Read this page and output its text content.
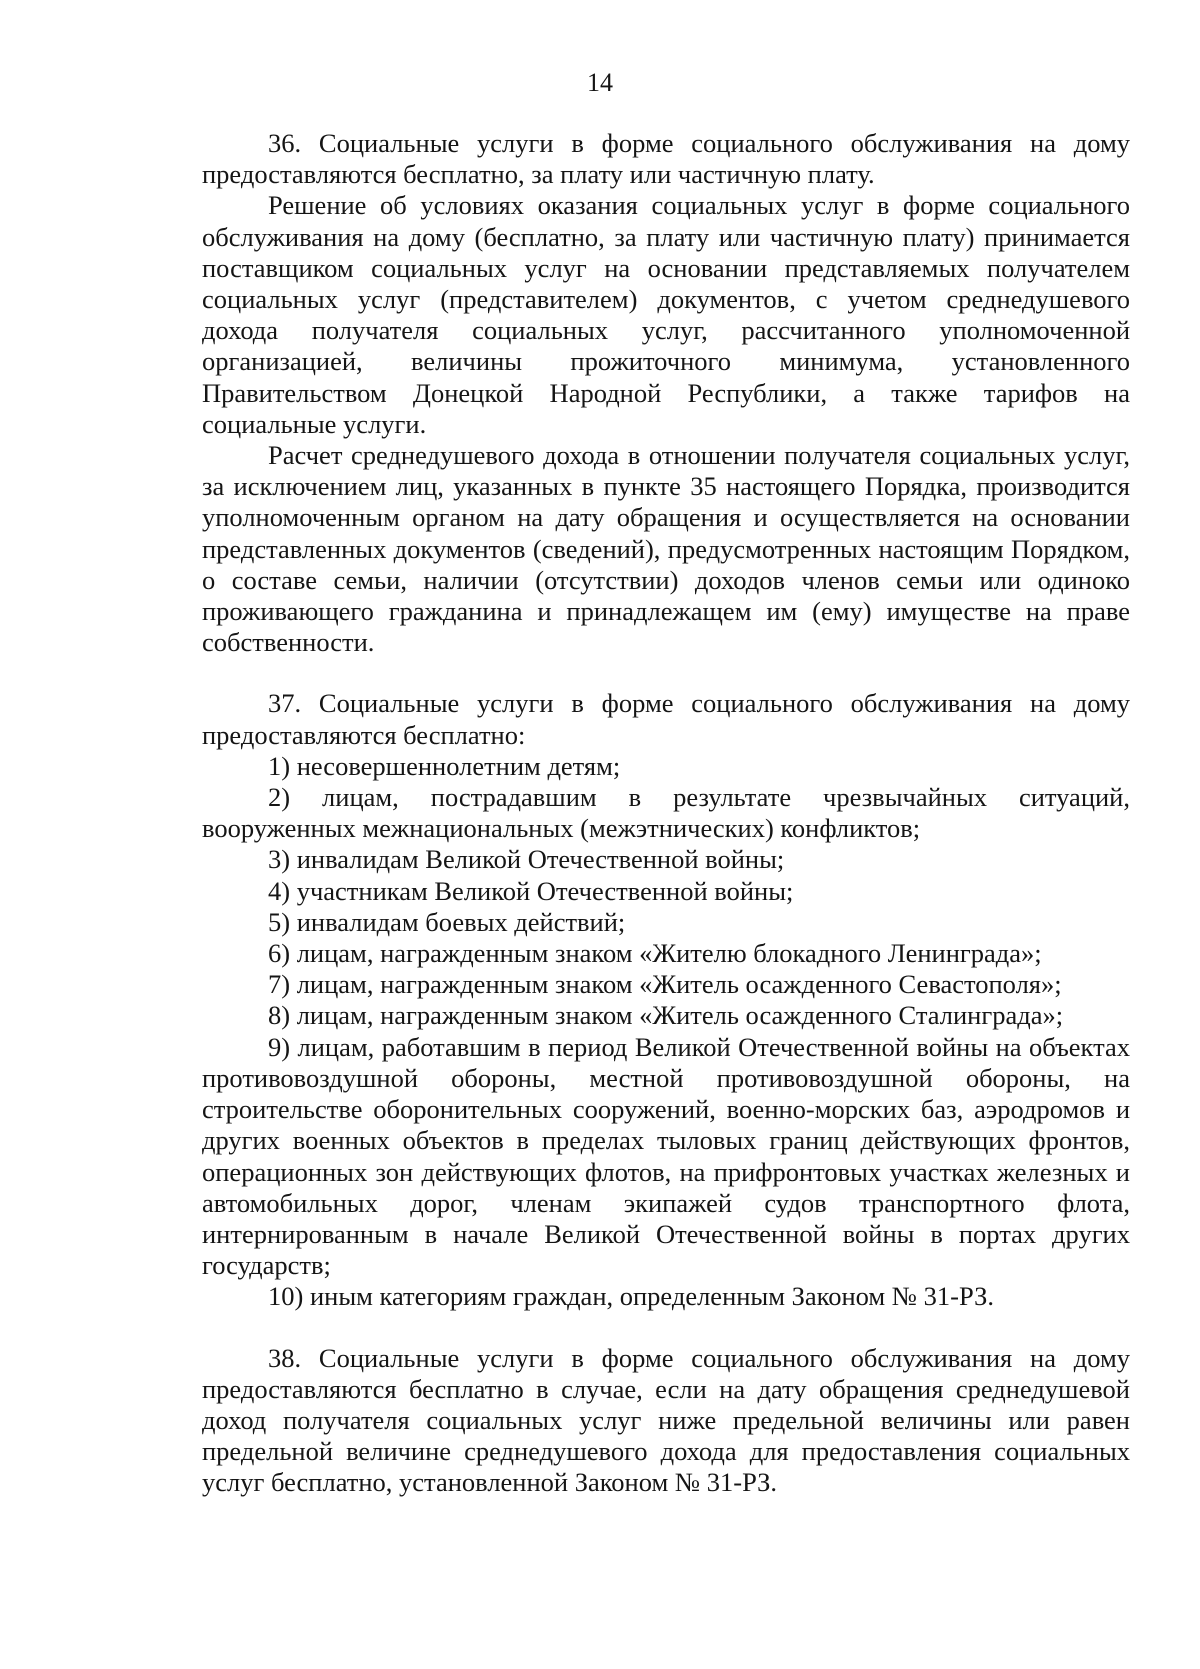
14

36. Социальные услуги в форме социального обслуживания на дому предоставляются бесплатно, за плату или частичную плату.

Решение об условиях оказания социальных услуг в форме социального обслуживания на дому (бесплатно, за плату или частичную плату) принимается поставщиком социальных услуг на основании представляемых получателем социальных услуг (представителем) документов, с учетом среднедушевого дохода получателя социальных услуг, рассчитанного уполномоченной организацией, величины прожиточного минимума, установленного Правительством Донецкой Народной Республики, а также тарифов на социальные услуги.

Расчет среднедушевого дохода в отношении получателя социальных услуг, за исключением лиц, указанных в пункте 35 настоящего Порядка, производится уполномоченным органом на дату обращения и осуществляется на основании представленных документов (сведений), предусмотренных настоящим Порядком, о составе семьи, наличии (отсутствии) доходов членов семьи или одиноко проживающего гражданина и принадлежащем им (ему) имуществе на праве собственности.

37. Социальные услуги в форме социального обслуживания на дому предоставляются бесплатно:

1) несовершеннолетним детям;

2) лицам, пострадавшим в результате чрезвычайных ситуаций, вооруженных межнациональных (межэтнических) конфликтов;

3) инвалидам Великой Отечественной войны;

4) участникам Великой Отечественной войны;

5) инвалидам боевых действий;

6) лицам, награжденным знаком «Жителю блокадного Ленинграда»;

7) лицам, награжденным знаком «Житель осажденного Севастополя»;

8) лицам, награжденным знаком «Житель осажденного Сталинграда»;

9) лицам, работавшим в период Великой Отечественной войны на объектах противовоздушной обороны, местной противовоздушной обороны, на строительстве оборонительных сооружений, военно-морских баз, аэродромов и других военных объектов в пределах тыловых границ действующих фронтов, операционных зон действующих флотов, на прифронтовых участках железных и автомобильных дорог, членам экипажей судов транспортного флота, интернированным в начале Великой Отечественной войны в портах других государств;

10) иным категориям граждан, определенным Законом № 31-РЗ.

38. Социальные услуги в форме социального обслуживания на дому предоставляются бесплатно в случае, если на дату обращения среднедушевой доход получателя социальных услуг ниже предельной величины или равен предельной величине среднедушевого дохода для предоставления социальных услуг бесплатно, установленной Законом № 31-РЗ.
